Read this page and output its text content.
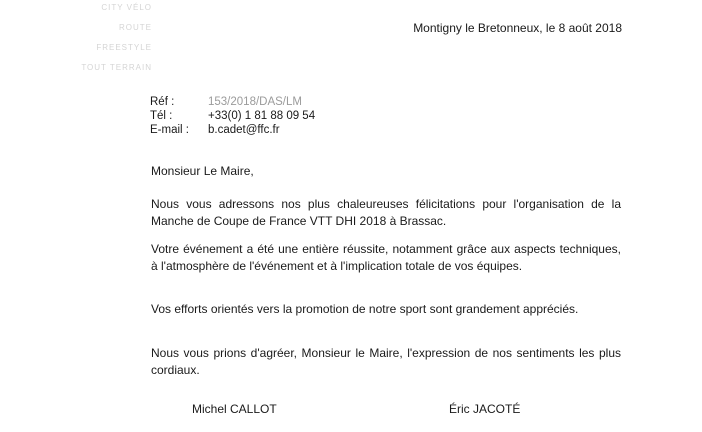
CITY VÉLO
ROUTE
FREESTYLE
TOUT TERRAIN
Montigny le Bretonneux, le 8 août 2018
Réf :	153/2018/DAS/LM
Tél :	+33(0) 1 81 88 09 54
E-mail :	b.cadet@ffc.fr
Monsieur Le Maire,
Nous vous adressons nos plus chaleureuses félicitations pour l'organisation de la Manche de Coupe de France VTT DHI 2018 à Brassac.
Votre événement a été une entière réussite, notamment grâce aux aspects techniques, à l'atmosphère de l'événement et à l'implication totale de vos équipes.
Vos efforts orientés vers la promotion de notre sport sont grandement appréciés.
Nous vous prions d'agréer, Monsieur le Maire, l'expression de nos sentiments les plus cordiaux.
Michel CALLOT	Éric JACOTÉ
